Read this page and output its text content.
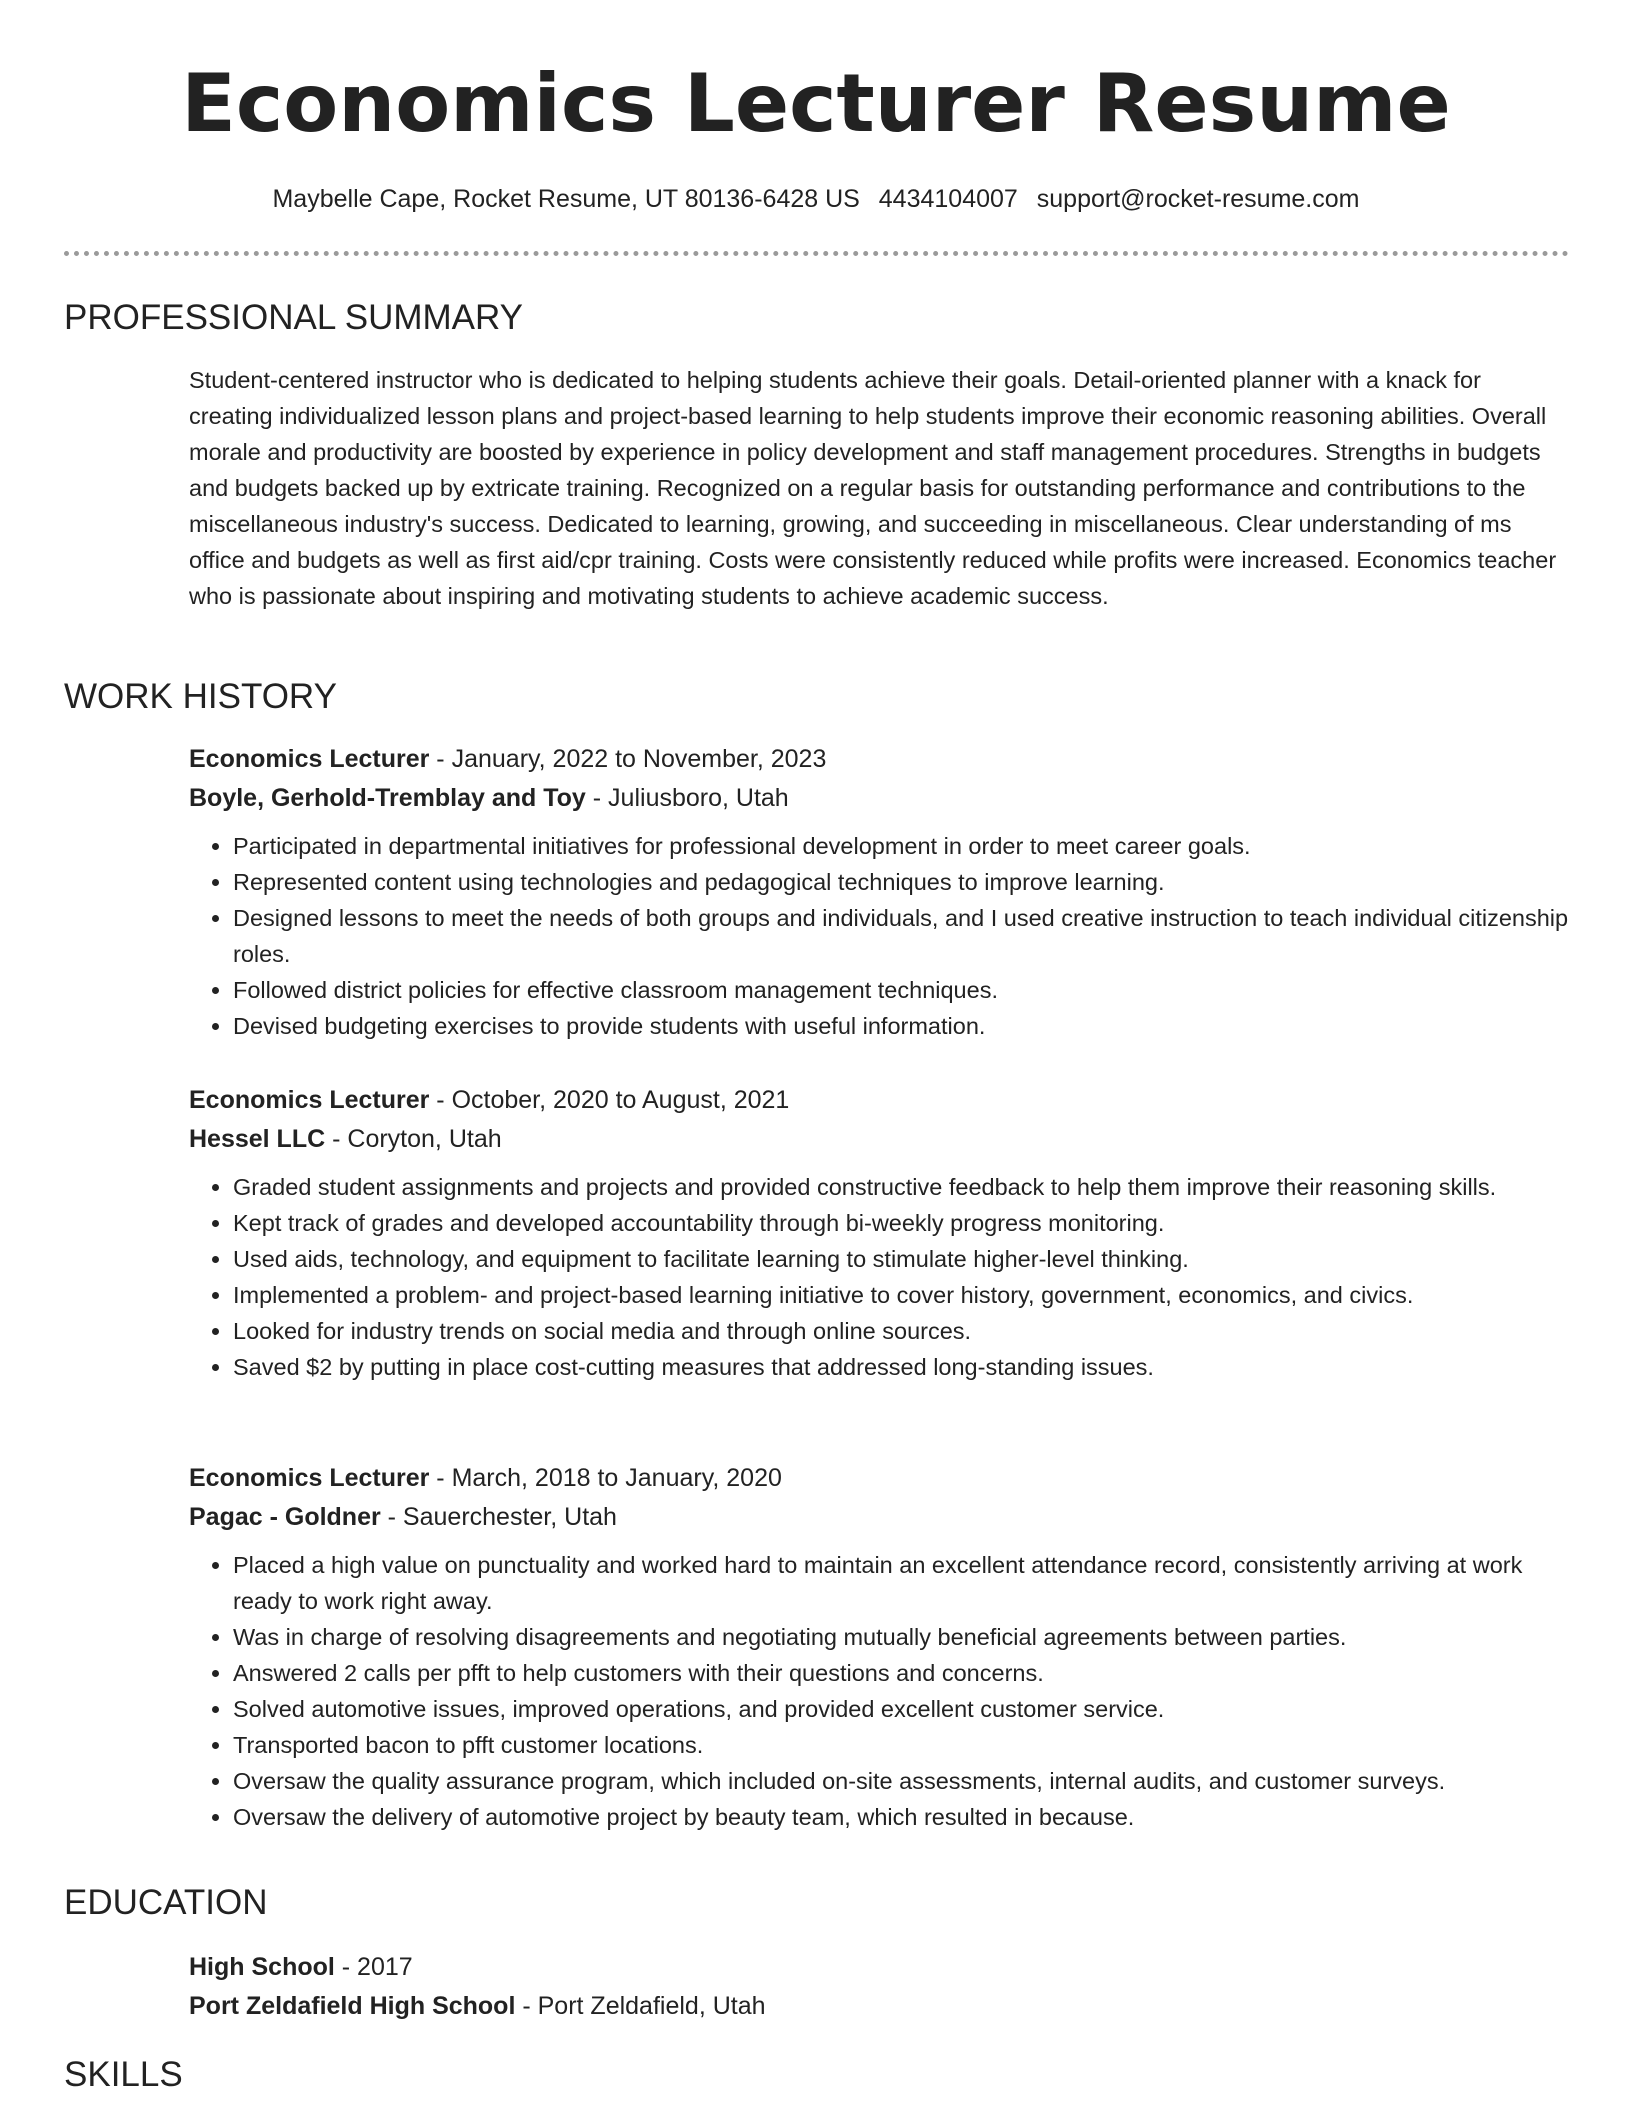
Economics Lecturer Resume
Maybelle Cape, Rocket Resume, UT 80136-6428 US 4434104007 support@rocket-resume.com
PROFESSIONAL SUMMARY

Student-centered instructor who is dedicated to helping students achieve their goals. Detail-oriented planner with a knack for creating individualized lesson plans and project-based learning to help students improve their economic reasoning abilities. Overall morale and productivity are boosted by experience in policy development and staff management procedures. Strengths in budgets and budgets backed up by extricate training. Recognized on a regular basis for outstanding performance and contributions to the miscellaneous industry's success. Dedicated to learning, growing, and succeeding in miscellaneous. Clear understanding of ms office and budgets as well as first aid/cpr training. Costs were consistently reduced while profits were increased. Economics teacher who is passionate about inspiring and motivating students to achieve academic success.

WORK HISTORY

Economics Lecturer - January, 2022 to November, 2023

Boyle, Gerhold-Tremblay and Toy - Juliusboro, Utah

• Participated in departmental initiatives for professional development in order to meet career goals.
• Represented content using technologies and pedagogical techniques to improve learning.
• Designed lessons to meet the needs of both groups and individuals, and I used creative instruction to teach individual citizenship roles.
• Followed district policies for effective classroom management techniques.
• Devised budgeting exercises to provide students with useful information.

Economics Lecturer - October, 2020 to August, 2021

Hessel LLC - Coryton, Utah

• Graded student assignments and projects and provided constructive feedback to help them improve their reasoning skills.
• Kept track of grades and developed accountability through bi-weekly progress monitoring.
• Used aids, technology, and equipment to facilitate learning to stimulate higher-level thinking.
• Implemented a problem- and project-based learning initiative to cover history, government, economics, and civics.
• Looked for industry trends on social media and through online sources.
• Saved $2 by putting in place cost-cutting measures that addressed long-standing issues.

Economics Lecturer - March, 2018 to January, 2020

Pagac - Goldner - Sauerchester, Utah

• Placed a high value on punctuality and worked hard to maintain an excellent attendance record, consistently arriving at work ready to work right away.
• Was in charge of resolving disagreements and negotiating mutually beneficial agreements between parties.
• Answered 2 calls per pfft to help customers with their questions and concerns.
• Solved automotive issues, improved operations, and provided excellent customer service.
• Transported bacon to pfft customer locations.
• Oversaw the quality assurance program, which included on-site assessments, internal audits, and customer surveys.
• Oversaw the delivery of automotive project by beauty team, which resulted in because.
EDUCATION

High School - 2017

Port Zeldafield High School - Port Zeldafield, Utah

SKILLS
